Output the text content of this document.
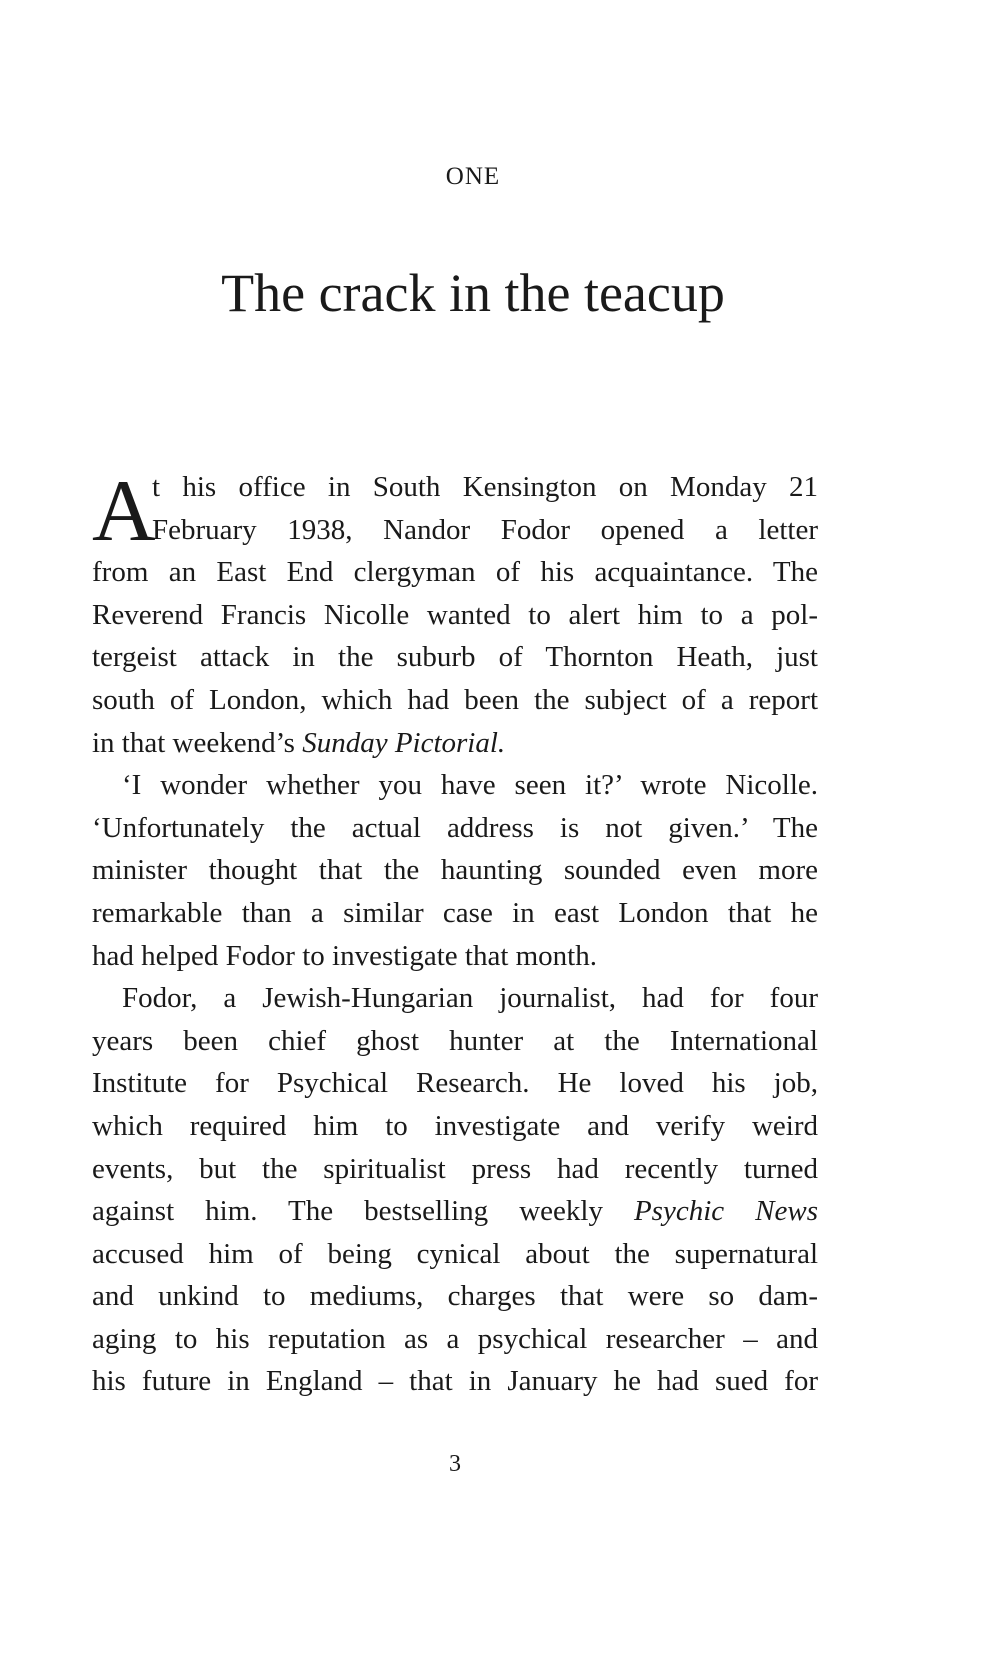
ONE
The crack in the teacup
A
t his office in South Kensington on Monday 21
February 1938, Nandor Fodor opened a letter
from an East End clergyman of his acquaintance. The
Reverend Francis Nicolle wanted to alert him to a pol-
tergeist attack in the suburb of Thornton Heath, just
south of London, which had been the subject of a report
in that weekend’s Sunday Pictorial.
‘I wonder whether you have seen it?’ wrote Nicolle.
‘Unfortunately the actual address is not given.’ The
minister thought that the haunting sounded even more
remarkable than a similar case in east London that he
had helped Fodor to investigate that month.
Fodor, a Jewish-Hungarian journalist, had for four
years been chief ghost hunter at the International
Institute for Psychical Research. He loved his job,
which required him to investigate and verify weird
events, but the spiritualist press had recently turned
against him. The bestselling weekly Psychic News
accused him of being cynical about the supernatural
and unkind to mediums, charges that were so dam-
aging to his reputation as a psychical researcher – and
his future in England – that in January he had sued for
3
